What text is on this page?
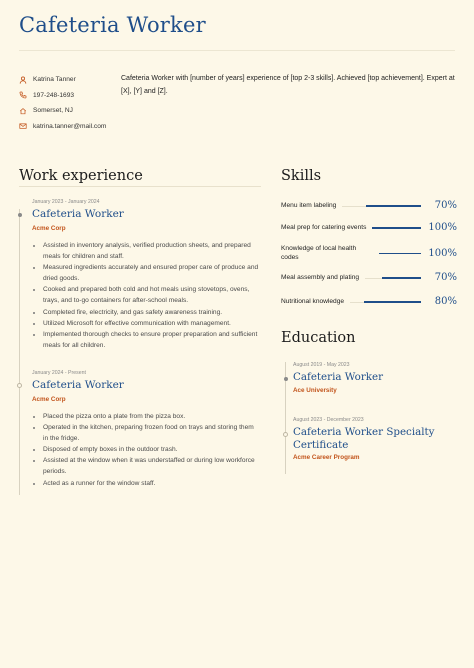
Cafeteria Worker
Katrina Tanner
197-248-1693
Somerset, NJ
katrina.tanner@mail.com
Cafeteria Worker with [number of years] experience of [top 2-3 skills]. Achieved [top achievement]. Expert at [X], [Y] and [Z].
Work experience
January 2023 - January 2024
Cafeteria Worker
Acme Corp
• Assisted in inventory analysis, verified production sheets, and prepared meals for children and staff.
• Measured ingredients accurately and ensured proper care of produce and dried goods.
• Cooked and prepared both cold and hot meals using stovetops, ovens, trays, and to-go containers for after-school meals.
• Completed fire, electricity, and gas safety awareness training.
• Utilized Microsoft for effective communication with management.
• Implemented thorough checks to ensure proper preparation and sufficient meals for all children.
January 2024 - Present
Cafeteria Worker
Acme Corp
• Placed the pizza onto a plate from the pizza box.
• Operated in the kitchen, preparing frozen food on trays and storing them in the fridge.
• Disposed of empty boxes in the outdoor trash.
• Assisted at the window when it was understaffed or during low workforce periods.
• Acted as a runner for the window staff.
Skills
Menu item labeling	70%
Meal prep for catering events	100%
Knowledge of local health codes	100%
Meal assembly and plating	70%
Nutritional knowledge	80%
Education
August 2019 - May 2023
Cafeteria Worker
Ace University
August 2023 - December 2023
Cafeteria Worker Specialty Certificate
Acme Career Program
